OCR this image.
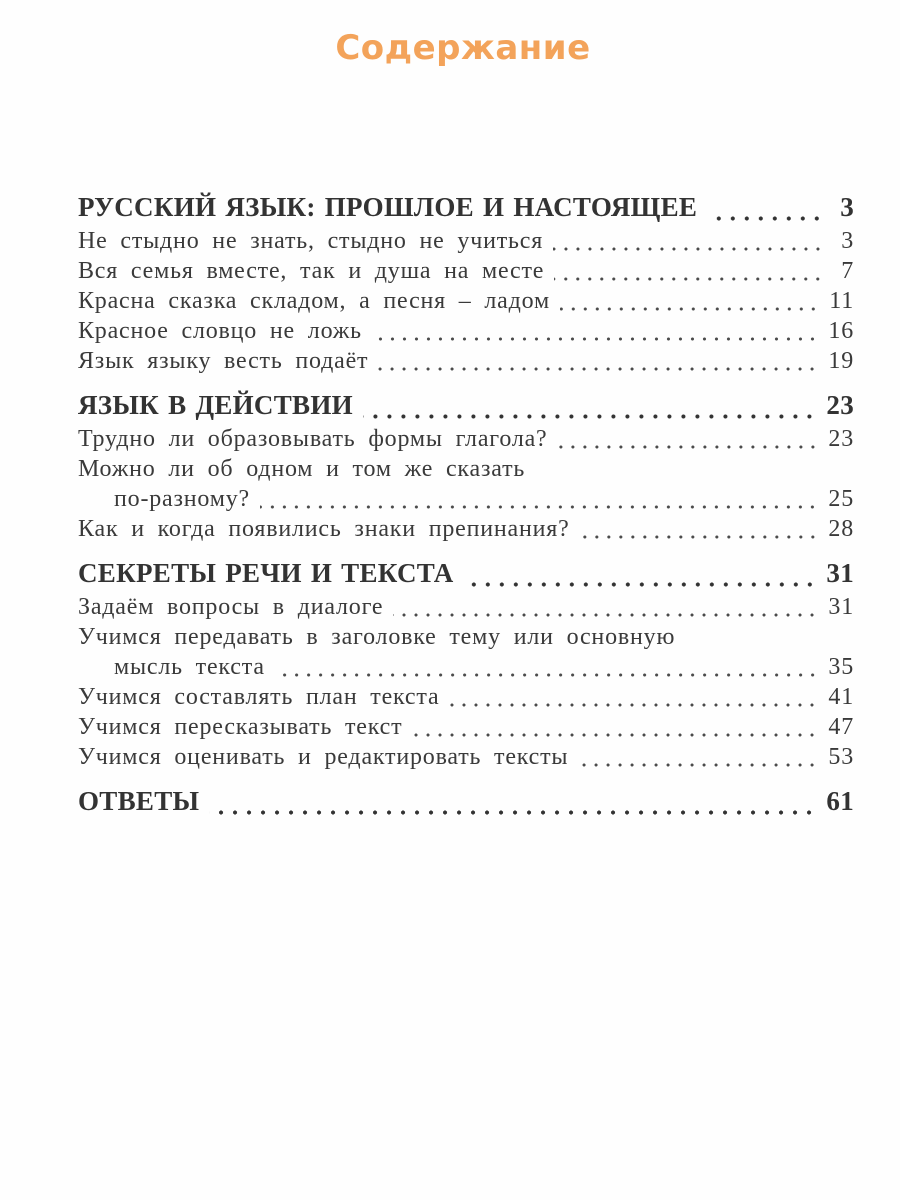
Содержание
РУССКИЙ ЯЗЫК: ПРОШЛОЕ И НАСТОЯЩЕЕ	3
Не стыдно не знать, стыдно не учиться	3
Вся семья вместе, так и душа на месте	7
Красна сказка складом, а песня – ладом	11
Красное словцо не ложь	16
Язык языку весть подаёт	19
ЯЗЫК В ДЕЙСТВИИ	23
Трудно ли образовывать формы глагола?	23
Можно ли об одном и том же сказать
по-разному?	25
Как и когда появились знаки препинания?	28
СЕКРЕТЫ РЕЧИ И ТЕКСТА	31
Задаём вопросы в диалоге	31
Учимся передавать в заголовке тему или основную
мысль текста	35
Учимся составлять план текста	41
Учимся пересказывать текст	47
Учимся оценивать и редактировать тексты	53
ОТВЕТЫ	61
